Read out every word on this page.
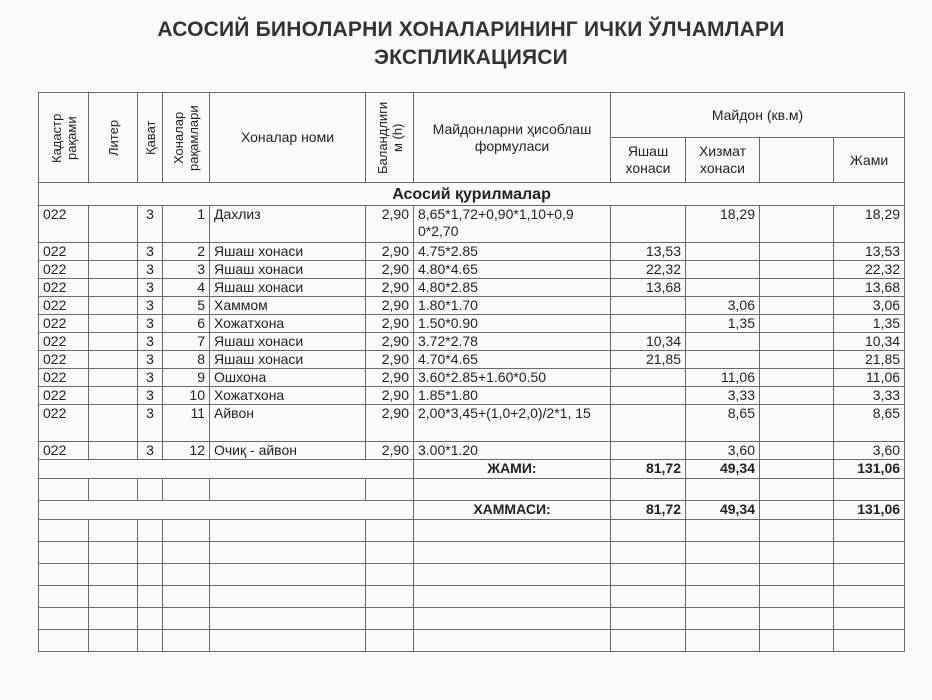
АСОСИЙ БИНОЛАРНИ ХОНАЛАРИНИНГ ИЧКИ ЎЛЧАМЛАРИ
ЭКСПЛИКАЦИЯСИ
Кадастр рақами	Литер	Қават	Хоналар рақамлари	Хоналар номи	Баландлиги м (h)	Майдонларни ҳисоблаш формуласи	Майдон (кв.м)			
							Яшаш хонаси	Хизмат хонаси		Жами
Асосий қурилмалар										
022		3	1	Дахлиз	2,90	8,65*1,72+0,90*1,10+0,9 0*2,70		18,29		18,29
022		3	2	Яшаш хонаси	2,90	4.75*2.85	13,53			13,53
022		3	3	Яшаш хонаси	2,90	4.80*4.65	22,32			22,32
022		3	4	Яшаш хонаси	2,90	4.80*2.85	13,68			13,68
022		3	5	Хаммом	2,90	1.80*1.70		3,06		3,06
022		3	6	Хожатхона	2,90	1.50*0.90		1,35		1,35
022		3	7	Яшаш хонаси	2,90	3.72*2.78	10,34			10,34
022		3	8	Яшаш хонаси	2,90	4.70*4.65	21,85			21,85
022		3	9	Ошхона	2,90	3.60*2.85+1.60*0.50		11,06		11,06
022		3	10	Хожатхона	2,90	1.85*1.80		3,33		3,33
022		3	11	Айвон	2,90	2,00*3,45+(1,0+2,0)/2*1, 15		8,65		8,65
022		3	12	Очиқ - айвон	2,90	3.00*1.20		3,60		3,60
						ЖАМИ:	81,72	49,34		131,06

						ХАММАСИ:	81,72	49,34		131,06
